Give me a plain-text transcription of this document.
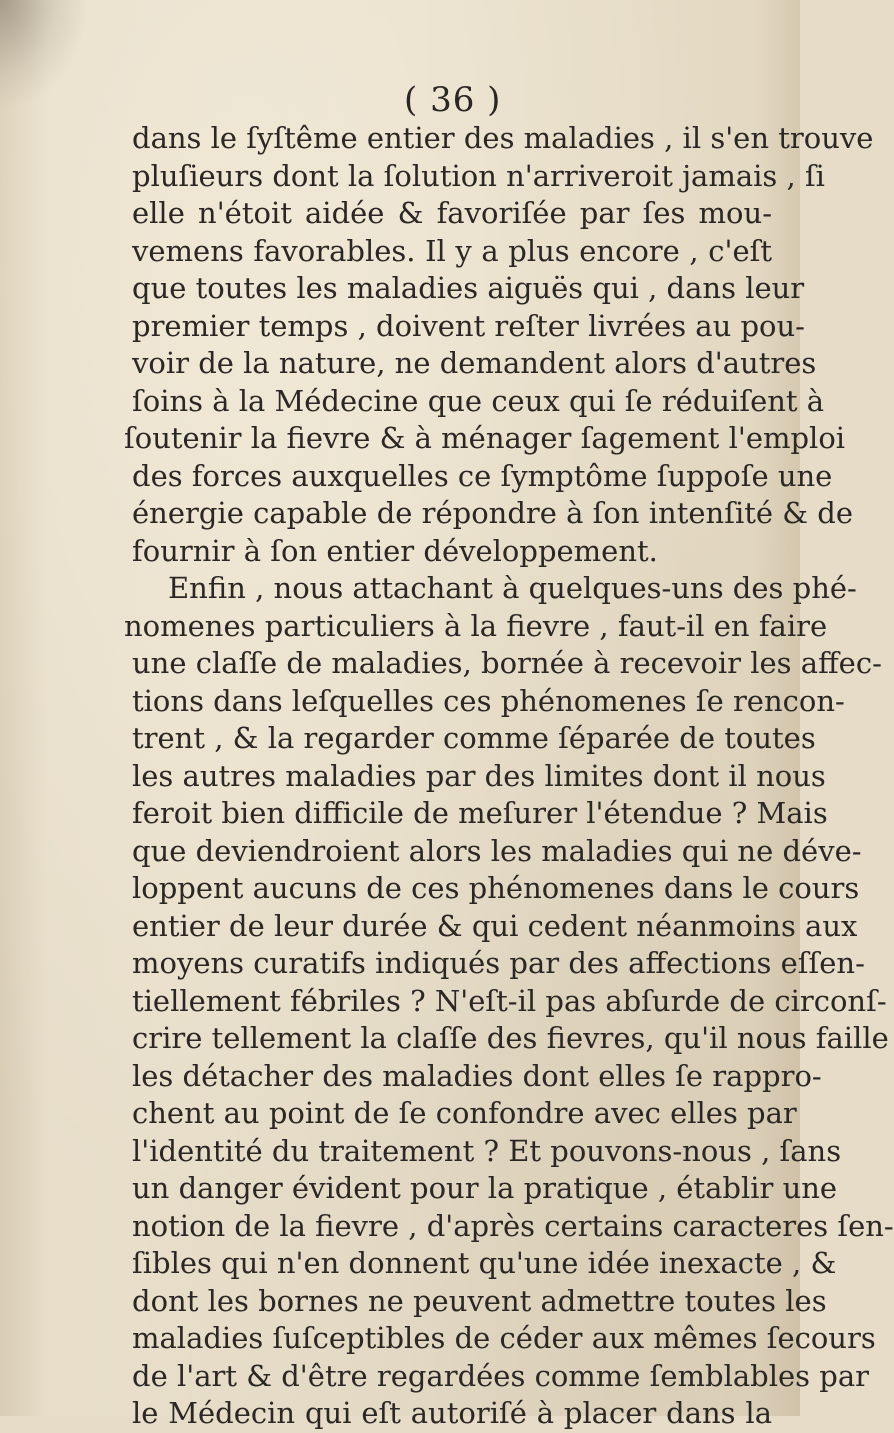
( 36 )
dans le ſyſtême entier des maladies , il s'en trouve
pluſieurs dont la ſolution n'arriveroit jamais , ſi
elle n'étoit aidée & favoriſée par ſes mou-
vemens favorables. Il y a plus encore , c'eſt
que toutes les maladies aiguës qui , dans leur
premier temps , doivent reſter livrées au pou-
voir de la nature, ne demandent alors d'autres
ſoins à la Médecine que ceux qui ſe réduiſent à
ſoutenir la fievre & à ménager ſagement l'emploi
des forces auxquelles ce ſymptôme ſuppoſe une
énergie capable de répondre à ſon intenſité & de
fournir à ſon entier développement.
Enfin , nous attachant à quelques-uns des phé-
nomenes particuliers à la fievre , faut-il en faire
une claſſe de maladies, bornée à recevoir les affec-
tions dans leſquelles ces phénomenes ſe rencon-
trent , & la regarder comme ſéparée de toutes
les autres maladies par des limites dont il nous
feroit bien difficile de meſurer l'étendue ? Mais
que deviendroient alors les maladies qui ne déve-
loppent aucuns de ces phénomenes dans le cours
entier de leur durée & qui cedent néanmoins aux
moyens curatifs indiqués par des affections eſſen-
tiellement fébriles ? N'eſt-il pas abſurde de circonſ-
crire tellement la claſſe des fievres, qu'il nous faille
les détacher des maladies dont elles ſe rappro-
chent au point de ſe confondre avec elles par
l'identité du traitement ? Et pouvons-nous , ſans
un danger évident pour la pratique , établir une
notion de la fievre , d'après certains caracteres ſen-
ſibles qui n'en donnent qu'une idée inexacte , &
dont les bornes ne peuvent admettre toutes les
maladies ſuſceptibles de céder aux mêmes ſecours
de l'art & d'être regardées comme ſemblables par
le Médecin qui eſt autoriſé à placer dans la
